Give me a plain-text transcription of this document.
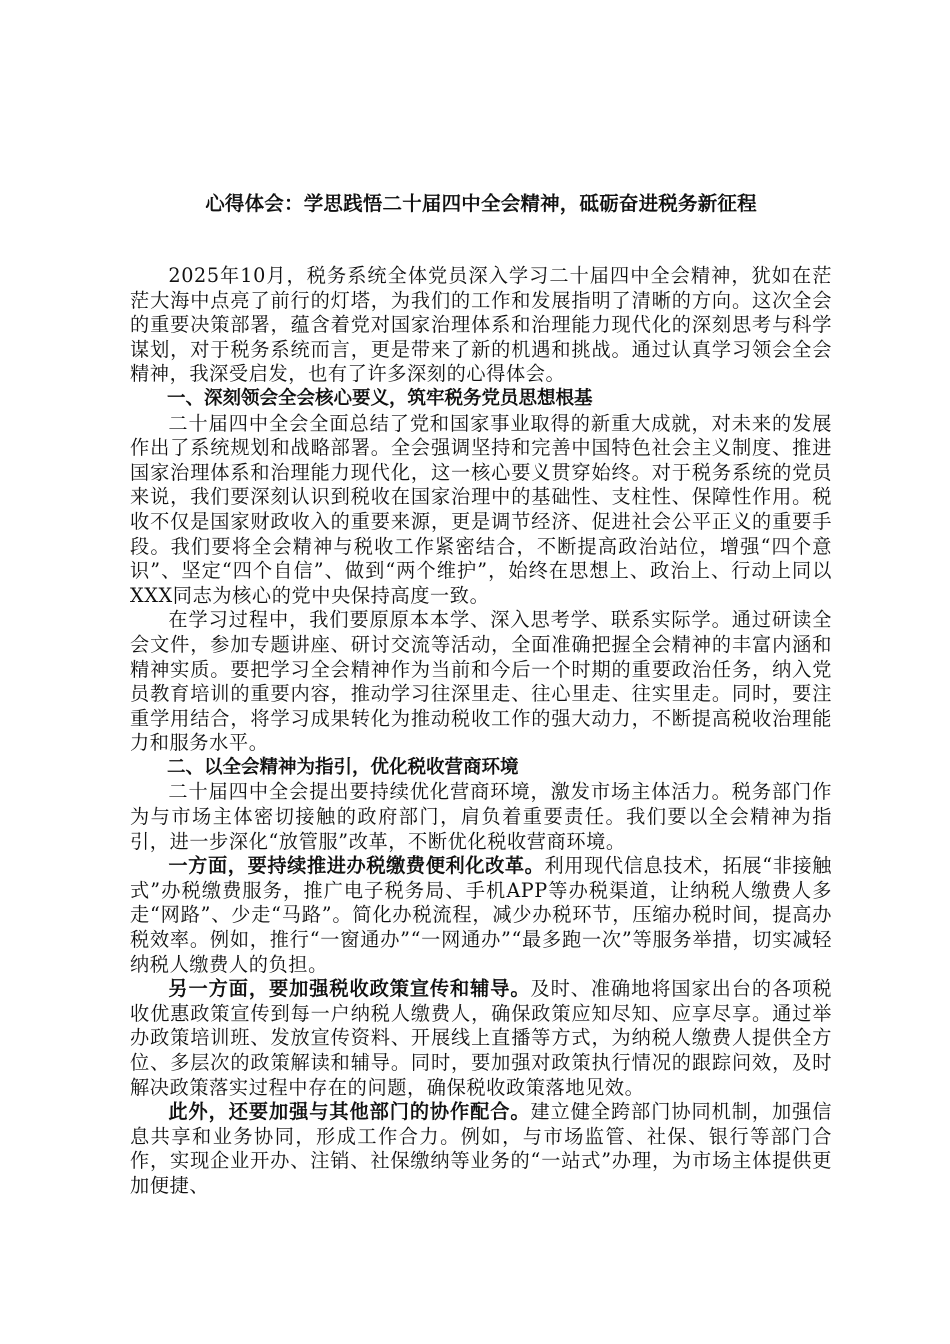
心得体会：学思践悟二十届四中全会精神，砥砺奋进税务新征程

2025年10月，税务系统全体党员深入学习二十届四中全会精神，犹如在茫茫大海中点亮了前行的灯塔，为我们的工作和发展指明了清晰的方向。这次全会的重要决策部署，蕴含着党对国家治理体系和治理能力现代化的深刻思考与科学谋划，对于税务系统而言，更是带来了新的机遇和挑战。通过认真学习领会全会精神，我深受启发，也有了许多深刻的心得体会。

一、深刻领会全会核心要义，筑牢税务党员思想根基

二十届四中全会全面总结了党和国家事业取得的新重大成就，对未来的发展作出了系统规划和战略部署。全会强调坚持和完善中国特色社会主义制度、推进国家治理体系和治理能力现代化，这一核心要义贯穿始终。对于税务系统的党员来说，我们要深刻认识到税收在国家治理中的基础性、支柱性、保障性作用。税收不仅是国家财政收入的重要来源，更是调节经济、促进社会公平正义的重要手段。我们要将全会精神与税收工作紧密结合，不断提高政治站位，增强“四个意识”、坚定“四个自信”、做到“两个维护”，始终在思想上、政治上、行动上同以XXX同志为核心的党中央保持高度一致。

在学习过程中，我们要原原本本学、深入思考学、联系实际学。通过研读全会文件，参加专题讲座、研讨交流等活动，全面准确把握全会精神的丰富内涵和精神实质。要把学习全会精神作为当前和今后一个时期的重要政治任务，纳入党员教育培训的重要内容，推动学习往深里走、往心里走、往实里走。同时，要注重学用结合，将学习成果转化为推动税收工作的强大动力，不断提高税收治理能力和服务水平。

二、以全会精神为指引，优化税收营商环境

二十届四中全会提出要持续优化营商环境，激发市场主体活力。税务部门作为与市场主体密切接触的政府部门，肩负着重要责任。我们要以全会精神为指引，进一步深化“放管服”改革，不断优化税收营商环境。

一方面，要持续推进办税缴费便利化改革。利用现代信息技术，拓展“非接触式”办税缴费服务，推广电子税务局、手机APP等办税渠道，让纳税人缴费人多走“网路”、少走“马路”。简化办税流程，减少办税环节，压缩办税时间，提高办税效率。例如，推行“一窗通办”“一网通办”“最多跑一次”等服务举措，切实减轻纳税人缴费人的负担。

另一方面，要加强税收政策宣传和辅导。及时、准确地将国家出台的各项税收优惠政策宣传到每一户纳税人缴费人，确保政策应知尽知、应享尽享。通过举办政策培训班、发放宣传资料、开展线上直播等方式，为纳税人缴费人提供全方位、多层次的政策解读和辅导。同时，要加强对政策执行情况的跟踪问效，及时解决政策落实过程中存在的问题，确保税收政策落地见效。

此外，还要加强与其他部门的协作配合。建立健全跨部门协同机制，加强信息共享和业务协同，形成工作合力。例如，与市场监管、社保、银行等部门合作，实现企业开办、注销、社保缴纳等业务的“一站式”办理，为市场主体提供更加便捷、
